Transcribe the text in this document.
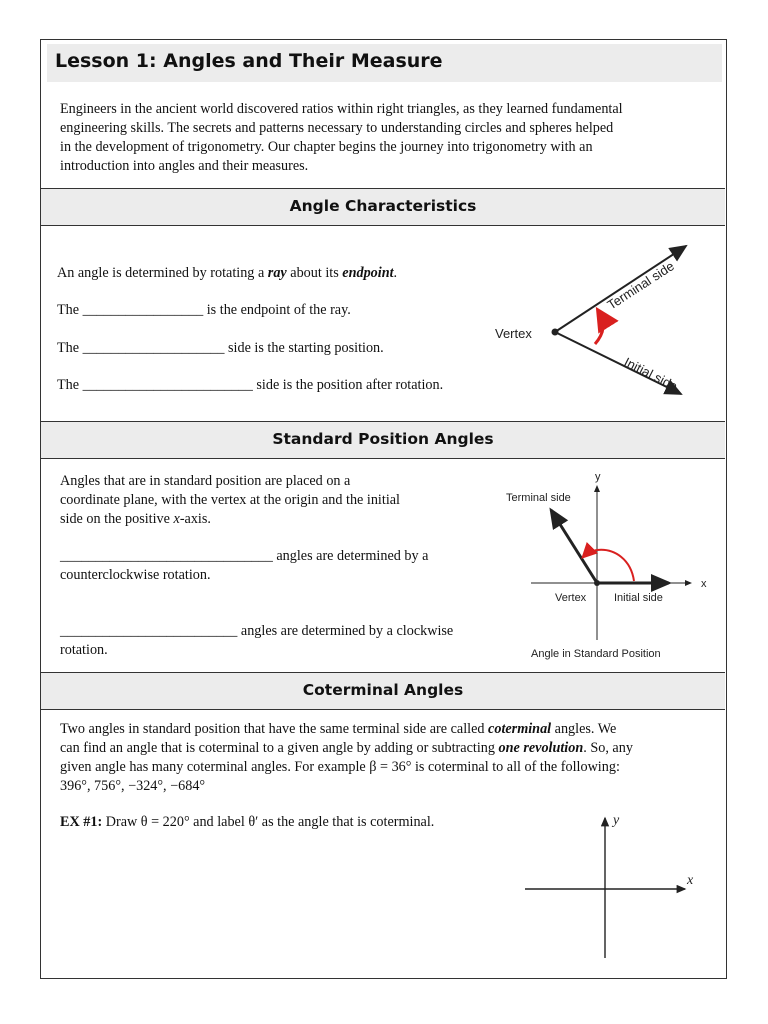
Lesson 1: Angles and Their Measure
Engineers in the ancient world discovered ratios within right triangles, as they learned fundamental
engineering skills. The secrets and patterns necessary to understanding circles and spheres helped
in the development of trigonometry. Our chapter begins the journey into trigonometry with an
introduction into angles and their measures.
Angle Characteristics
An angle is determined by rotating a ray about its endpoint.
The _________________ is the endpoint of the ray.
The ____________________ side is the starting position.
The ________________________ side is the position after rotation.
Vertex
Terminal side
Initial side
Standard Position Angles
Angles that are in standard position are placed on a
coordinate plane, with the vertex at the origin and the initial
side on the positive x-axis.
______________________________ angles are determined by a
counterclockwise rotation.
_________________________ angles are determined by a clockwise
rotation.
y
x
Terminal side
Vertex	Initial side
Angle in Standard Position
Coterminal Angles
Two angles in standard position that have the same terminal side are called coterminal angles. We
can find an angle that is coterminal to a given angle by adding or subtracting one revolution. So, any
given angle has many coterminal angles. For example β = 36° is coterminal to all of the following:
396°, 756°, −324°, −684°
EX #1: Draw θ = 220° and label θ′ as the angle that is coterminal.	y
x
